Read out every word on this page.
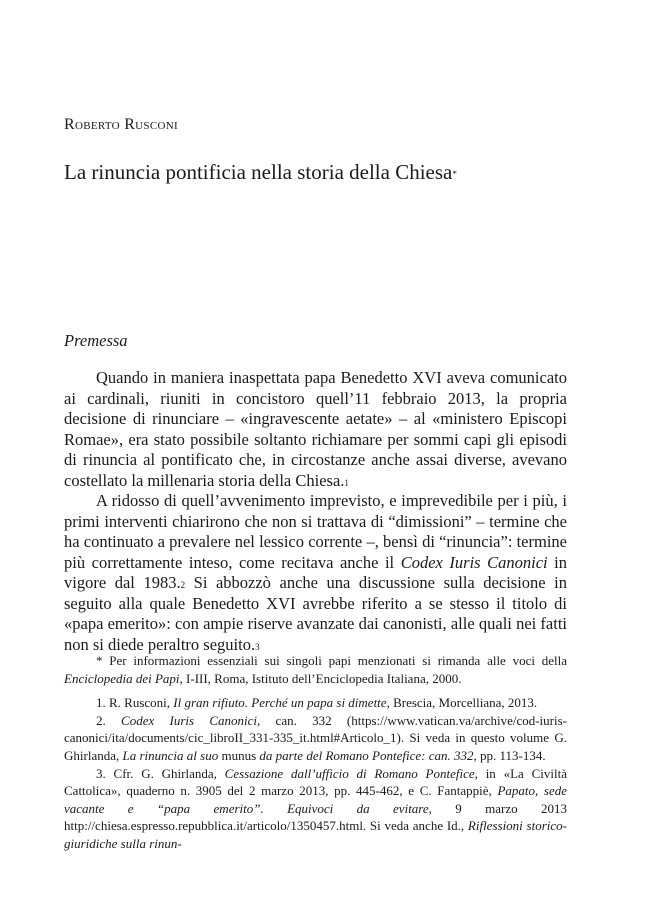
Roberto Rusconi
La rinuncia pontificia nella storia della Chiesa*
Premessa

Quando in maniera inaspettata papa Benedetto XVI aveva comunicato ai cardinali, riuniti in concistoro quell’11 febbraio 2013, la propria decisione di rinunciare – «ingravescente aetate» – al «ministero Episcopi Romae», era stato possibile soltanto richiamare per sommi capi gli episodi di rinuncia al pontificato che, in circostanze anche assai diverse, avevano costellato la millenaria storia della Chiesa.$^1$

A ridosso di quell’avvenimento imprevisto, e imprevedibile per i più, i primi interventi chiarirono che non si trattava di “dimissioni” – termine che ha continuato a prevalere nel lessico corrente –, bensì di “rinuncia”: termine più correttamente inteso, come recitava anche il Codex Iuris Canonici in vigore dal 1983.$^2$ Si abbozzò anche una discussione sulla decisione in seguito alla quale Benedetto XVI avrebbe riferito a se stesso il titolo di «papa emerito»: con ampie riserve avanzate dai canonisti, alle quali nei fatti non si diede peraltro seguito.$^3$

* Per informazioni essenziali sui singoli papi menzionati si rimanda alle voci della Enciclopedia dei Papi, I-III, Roma, Istituto dell’Enciclopedia Italiana, 2000.

1. R. Rusconi, Il gran rifiuto. Perché un papa si dimette, Brescia, Morcelliana, 2013.

2. Codex Iuris Canonici, can. 332 (https://www.vatican.va/archive/cod-iuris-canonici/ita/documents/cic_libroII_331-335_it.html#Articolo_1). Si veda in questo volume G. Ghirlanda, La rinuncia al suo munus da parte del Romano Pontefice: can. 332, pp. 113-134.

3. Cfr. G. Ghirlanda, Cessazione dall’ufficio di Romano Pontefice, in «La Civiltà Cattolica», quaderno n. 3905 del 2 marzo 2013, pp. 445-462, e C. Fantappiè, Papato, sede vacante e “papa emerito”. Equivoci da evitare, 9 marzo 2013 http://chiesa.espresso.repubblica.it/articolo/1350457.html. Si veda anche Id., Riflessioni storico-giuridiche sulla rinun-
